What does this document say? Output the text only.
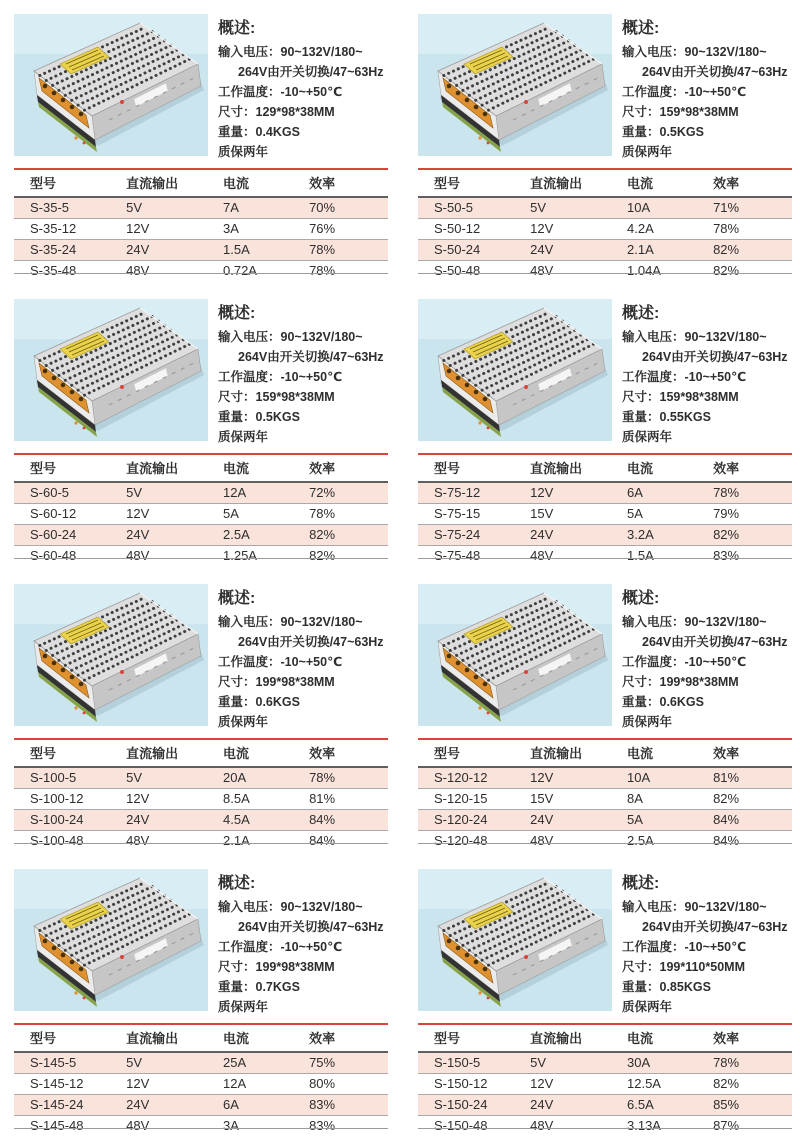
概述:
输入电压：90~132V/180~
264V由开关切换/47~63Hz
工作温度：-10~+50℃
尺寸：129*98*38MM
重量：0.4KGS
质保两年
型号	直流输出	电流	效率
S-35-5	5V	7A	70%
S-35-12	12V	3A	76%
S-35-24	24V	1.5A	78%
S-35-48	48V	0.72A	78%
概述:
输入电压：90~132V/180~
264V由开关切换/47~63Hz
工作温度：-10~+50℃
尺寸：159*98*38MM
重量：0.5KGS
质保两年
型号	直流输出	电流	效率
S-50-5	5V	10A	71%
S-50-12	12V	4.2A	78%
S-50-24	24V	2.1A	82%
S-50-48	48V	1.04A	82%
概述:
输入电压：90~132V/180~
264V由开关切换/47~63Hz
工作温度：-10~+50℃
尺寸：159*98*38MM
重量：0.5KGS
质保两年
型号	直流输出	电流	效率
S-60-5	5V	12A	72%
S-60-12	12V	5A	78%
S-60-24	24V	2.5A	82%
S-60-48	48V	1.25A	82%
概述:
输入电压：90~132V/180~
264V由开关切换/47~63Hz
工作温度：-10~+50℃
尺寸：159*98*38MM
重量：0.55KGS
质保两年
型号	直流输出	电流	效率
S-75-12	12V	6A	78%
S-75-15	15V	5A	79%
S-75-24	24V	3.2A	82%
S-75-48	48V	1.5A	83%
概述:
输入电压：90~132V/180~
264V由开关切换/47~63Hz
工作温度：-10~+50℃
尺寸：199*98*38MM
重量：0.6KGS
质保两年
型号	直流输出	电流	效率
S-100-5	5V	20A	78%
S-100-12	12V	8.5A	81%
S-100-24	24V	4.5A	84%
S-100-48	48V	2.1A	84%
概述:
输入电压：90~132V/180~
264V由开关切换/47~63Hz
工作温度：-10~+50℃
尺寸：199*98*38MM
重量：0.6KGS
质保两年
型号	直流输出	电流	效率
S-120-12	12V	10A	81%
S-120-15	15V	8A	82%
S-120-24	24V	5A	84%
S-120-48	48V	2.5A	84%
概述:
输入电压：90~132V/180~
264V由开关切换/47~63Hz
工作温度：-10~+50℃
尺寸：199*98*38MM
重量：0.7KGS
质保两年
型号	直流输出	电流	效率
S-145-5	5V	25A	75%
S-145-12	12V	12A	80%
S-145-24	24V	6A	83%
S-145-48	48V	3A	83%
概述:
输入电压：90~132V/180~
264V由开关切换/47~63Hz
工作温度：-10~+50℃
尺寸：199*110*50MM
重量：0.85KGS
质保两年
型号	直流输出	电流	效率
S-150-5	5V	30A	78%
S-150-12	12V	12.5A	82%
S-150-24	24V	6.5A	85%
S-150-48	48V	3.13A	87%
